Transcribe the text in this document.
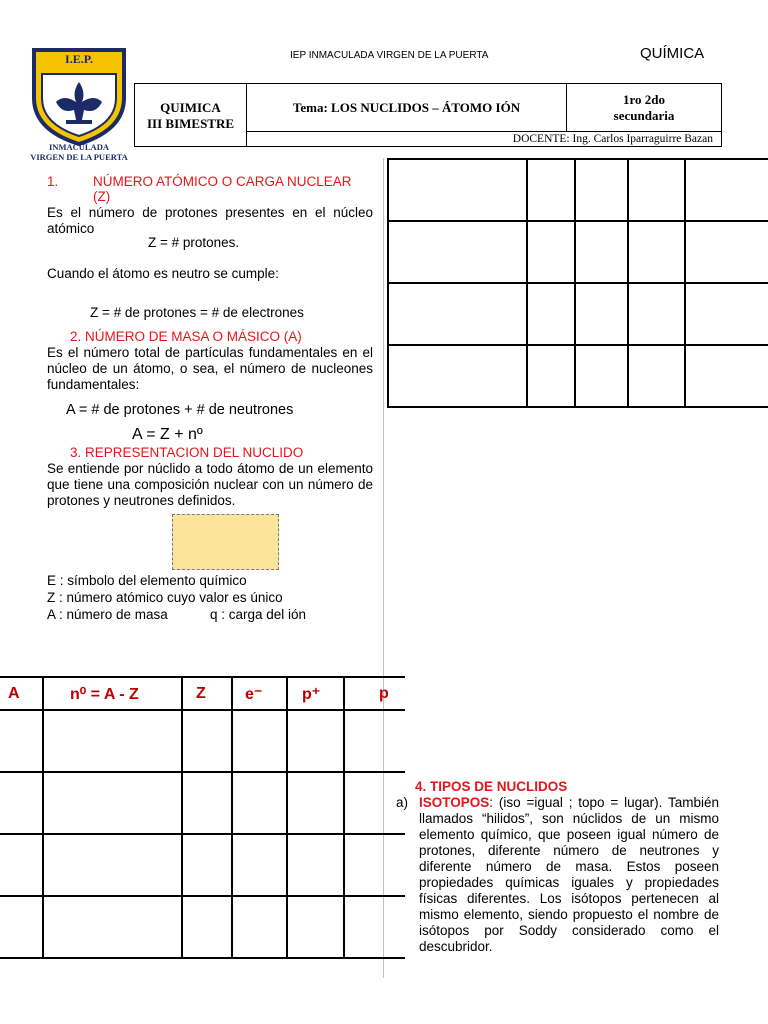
I.E.P.
INMACULADA
VIRGEN DE LA PUERTA
IEP INMACULADA VIRGEN DE LA PUERTA	QUÍMICA
QUIMICA
III BIMESTRE
Tema: LOS NUCLIDOS – ÁTOMO IÓN
1ro 2do
secundaria
DOCENTE: Ing. Carlos Iparraguirre Bazan
1.	NÚMERO ATÓMICO O CARGA NUCLEAR
(Z)
Es el número de protones presentes en el núcleo atómico
Z = # protones.
Cuando el átomo es neutro se cumple:
Z = # de protones = # de electrones
2. NÚMERO DE MASA O MÁSICO (A)
Es el número total de partículas fundamentales en el núcleo de un átomo, o sea, el número de nucleones fundamentales:
A = # de protones + # de neutrones
A = Z + nº
3. REPRESENTACION DEL NUCLIDO
Se entiende por núclido a todo átomo de un elemento que tiene una composición nuclear con un número de protones y neutrones definidos.
E : símbolo del elemento químico
Z : número atómico cuyo valor es único
A : número de masa	q : carga del ión
A	n⁰ = A - Z	Z	e⁻	p⁺	p

4. TIPOS DE NUCLIDOS
a) ISOTOPOS: (iso =igual ; topo = lugar). También llamados “hilidos”, son núclidos de un mismo elemento químico, que poseen igual número de protones, diferente número de neutrones y diferente número de masa. Estos poseen propiedades químicas iguales y propiedades físicas diferentes. Los isótopos pertenecen al mismo elemento, siendo propuesto el nombre de isótopos por Soddy considerado como el descubridor.
